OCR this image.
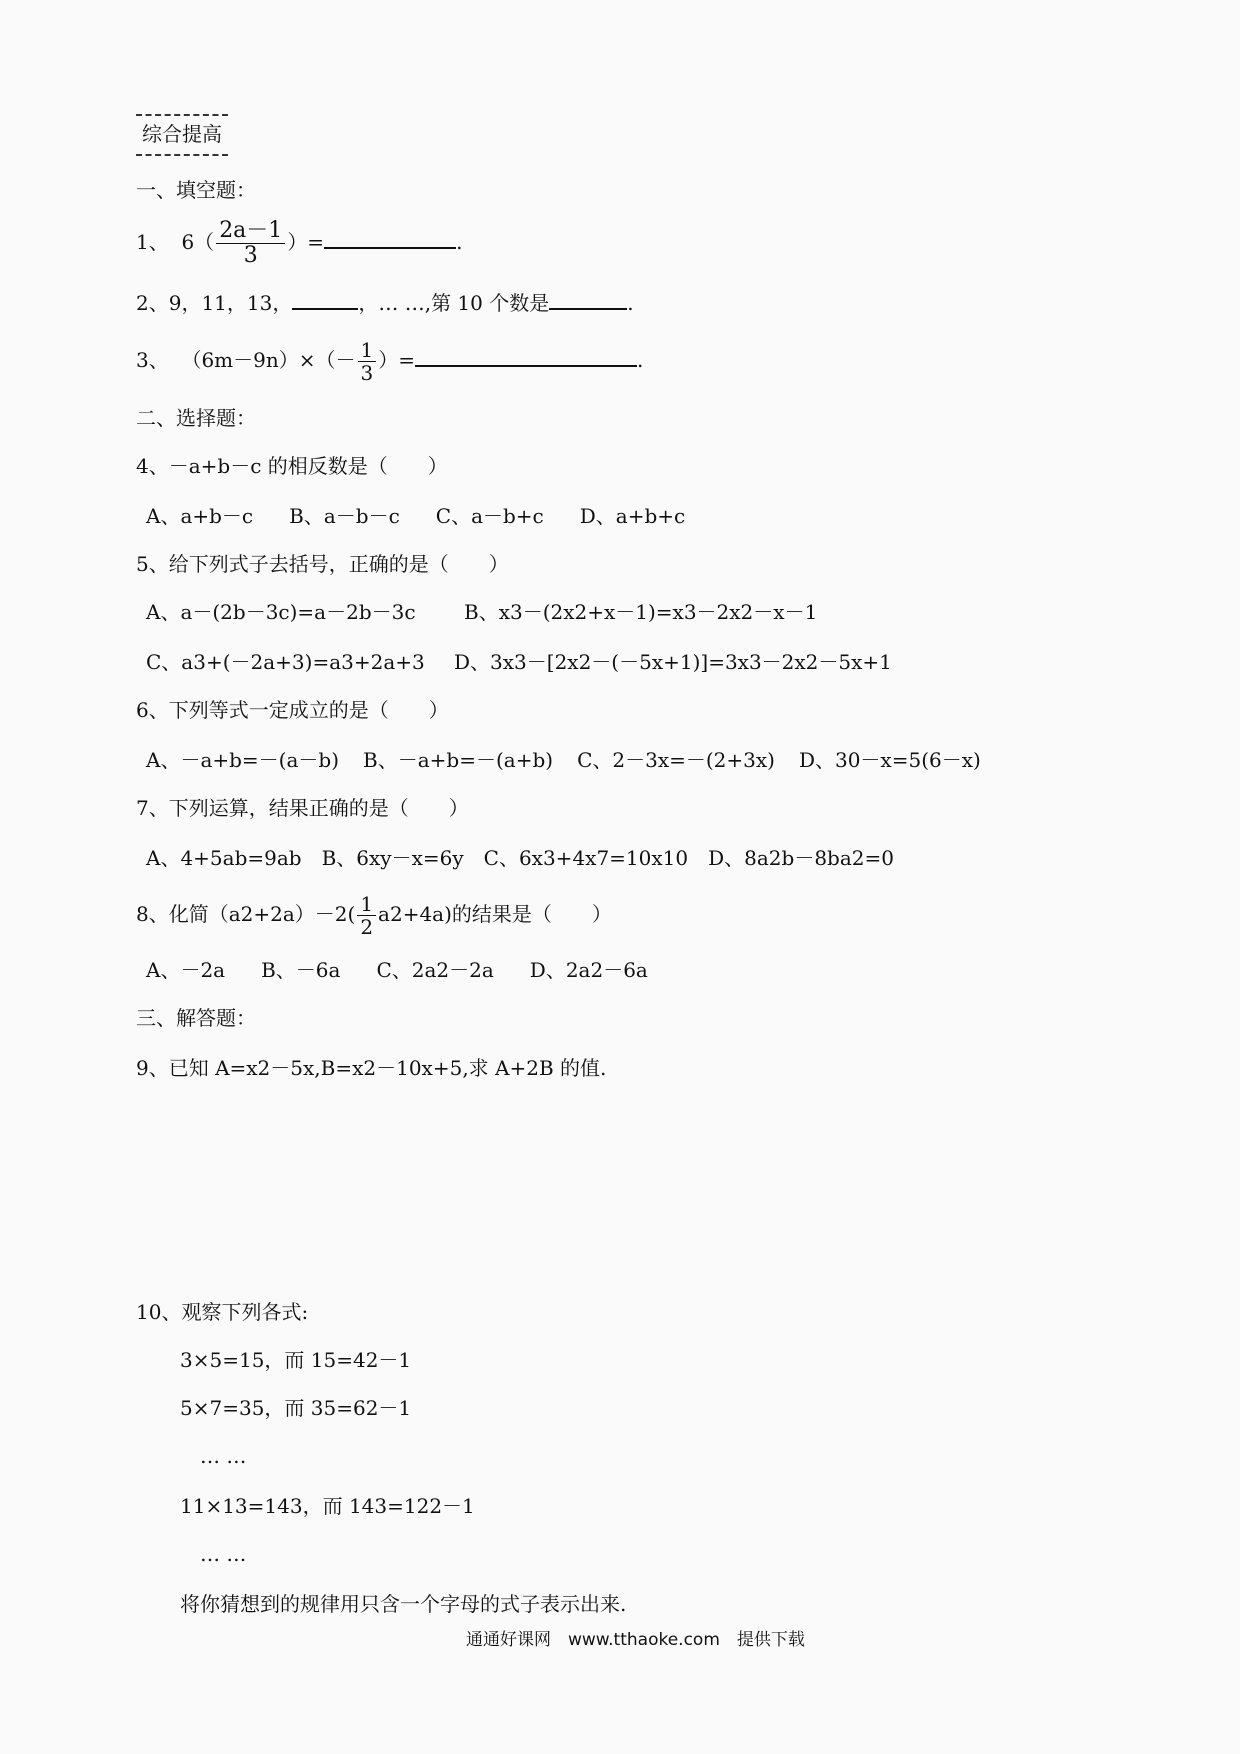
综合提高
一、填空题：
1、 $6( \frac{2a-1}{3}$ ）=	.
2、9，11，13，	，… …,第 10 个数是	.
3、 $(6m-9n)\times(- \frac{1}{3}$ ）=	.
二、选择题：
4、－a+b－c 的相反数是（　　）
A、a+b－c B、a－b－c C、a－b+c D、a+b+c
5、给下列式子去括号，正确的是（　　）
A、a－(2b－3c)=a－2b－3c B、x3－(2x2+x－1)=x3－2x2－x－1
C、a3+(－2a+3)=a3+2a+3 D、3x3－[2x2－(－5x+1)]=3x3－2x2－5x+1
6、下列等式一定成立的是（　　）
A、－a+b=－(a－b) B、－a+b=－(a+b) C、2－3x=－(2+3x) D、30－x=5(6－x)
7、下列运算，结果正确的是（　　）
A、4+5ab=9ab B、6xy－x=6y C、6x3+4x7=10x10 D、8a2b－8ba2=0
8、化简$(a2+2a)-2( \frac{1}{2} a2+4a)$的结果是（　　）
A、－2a B、－6a C、2a2－2a D、2a2－6a
三、解答题：
9、已知 A=x2－5x,B=x2－10x+5,求 A+2B 的值.
10、观察下列各式:
3×5=15，而 15=42－1
5×7=35，而 35=62－1
… …
11×13=143，而 143=122－1
… …
将你猜想到的规律用只含一个字母的式子表示出来.
通通好课网　www.tthaoke.com　提供下载
